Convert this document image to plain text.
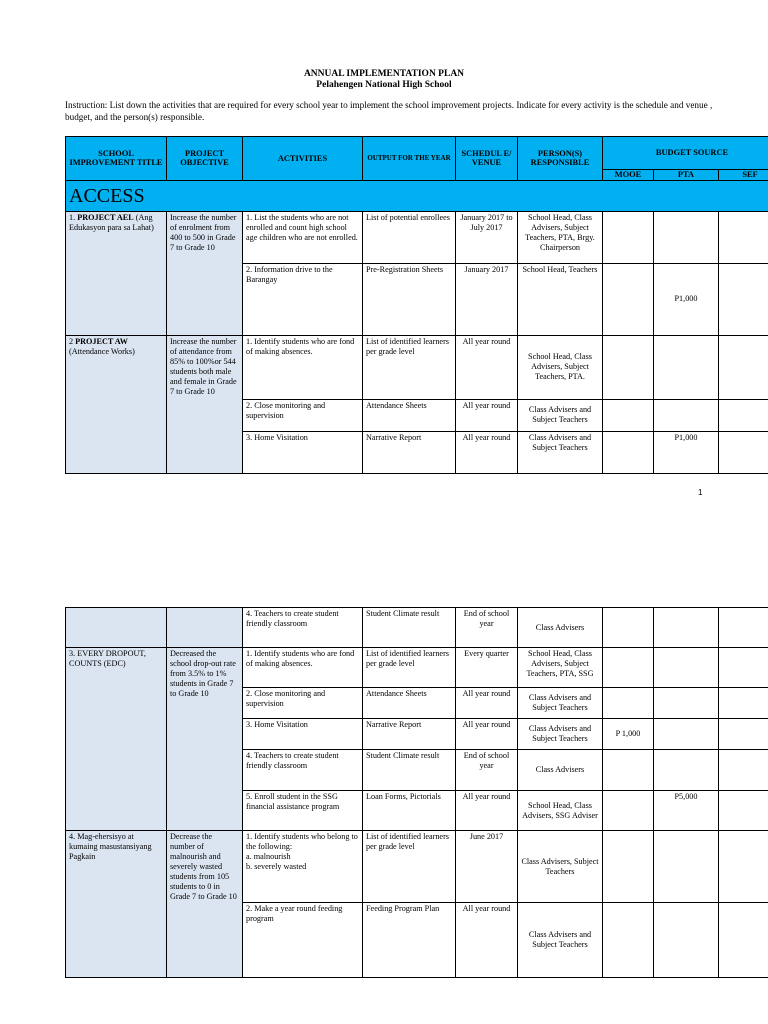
ANNUAL IMPLEMENTATION PLAN
Pelahengen National High School
Instruction: List down the activities that are required for every school year to implement the school improvement projects. Indicate for every activity is the schedule and venue , budget, and the person(s) responsible.
SCHOOL IMPROVEMENT TITLE	PROJECT OBJECTIVE	ACTIVITIES	OUTPUT FOR THE YEAR	SCHEDUL E/ VENUE	PERSON(S) RESPONSIBLE	BUDGET SOURCE		
						MOOE	PTA	SEF
ACCESS								
1. PROJECT AEL (Ang Edukasyon para sa Lahat)	Increase the number of enrolment from 400 to 500 in Grade 7 to Grade 10	1. List the students who are not enrolled and count high school age children who are not enrolled.	List of potential enrollees	January 2017 to July 2017	School Head, Class Advisers, Subject Teachers, PTA, Brgy. Chairperson			
		2. Information drive to the Barangay	Pre-Registration Sheets	January 2017	School Head, Teachers		P1,000	
2 PROJECT AW (Attendance Works)	Increase the number of attendance from 85% to 100%or 544 students both male and female in Grade 7 to Grade 10	1. Identify students who are fond of making absences.	List of identified learners per grade level	All year round	School Head, Class Advisers, Subject Teachers, PTA.			
		2. Close monitoring and supervision	Attendance Sheets	All year round	Class Advisers and Subject Teachers			
		3. Home Visitation	Narrative Report	All year round	Class Advisers and Subject Teachers		P1,000	
1
		4. Teachers to create student friendly classroom	Student Climate result	End of school year	Class Advisers			
3. EVERY DROPOUT, COUNTS (EDC)	Decreased the school drop-out rate from 3.5% to 1% students in Grade 7 to Grade 10	1. Identify students who are fond of making absences.	List of identified learners per grade level	Every quarter	School Head, Class Advisers, Subject Teachers, PTA, SSG			
		2. Close monitoring and supervision	Attendance Sheets	All year round	Class Advisers and Subject Teachers			
		3. Home Visitation	Narrative Report	All year round	Class Advisers and Subject Teachers	P 1,000		
		4. Teachers to create student friendly classroom	Student Climate result	End of school year	Class Advisers			
		5. Enroll student in the SSG financial assistance program	Loan Forms, Pictorials	All year round	School Head, Class Advisers, SSG Adviser		P5,000	
4. Mag-ehersisyo at kumaing masustansiyang Pagkain	Decrease the number of malnourish and severely wasted students from 105 students to 0 in Grade 7 to Grade 10	1. Identify students who belong to the following:
a. malnourish
b. severely wasted	List of identified learners per grade level	June 2017	Class Advisers, Subject Teachers			
		2. Make a year round feeding program	Feeding Program Plan	All year round	Class Advisers and Subject Teachers			
